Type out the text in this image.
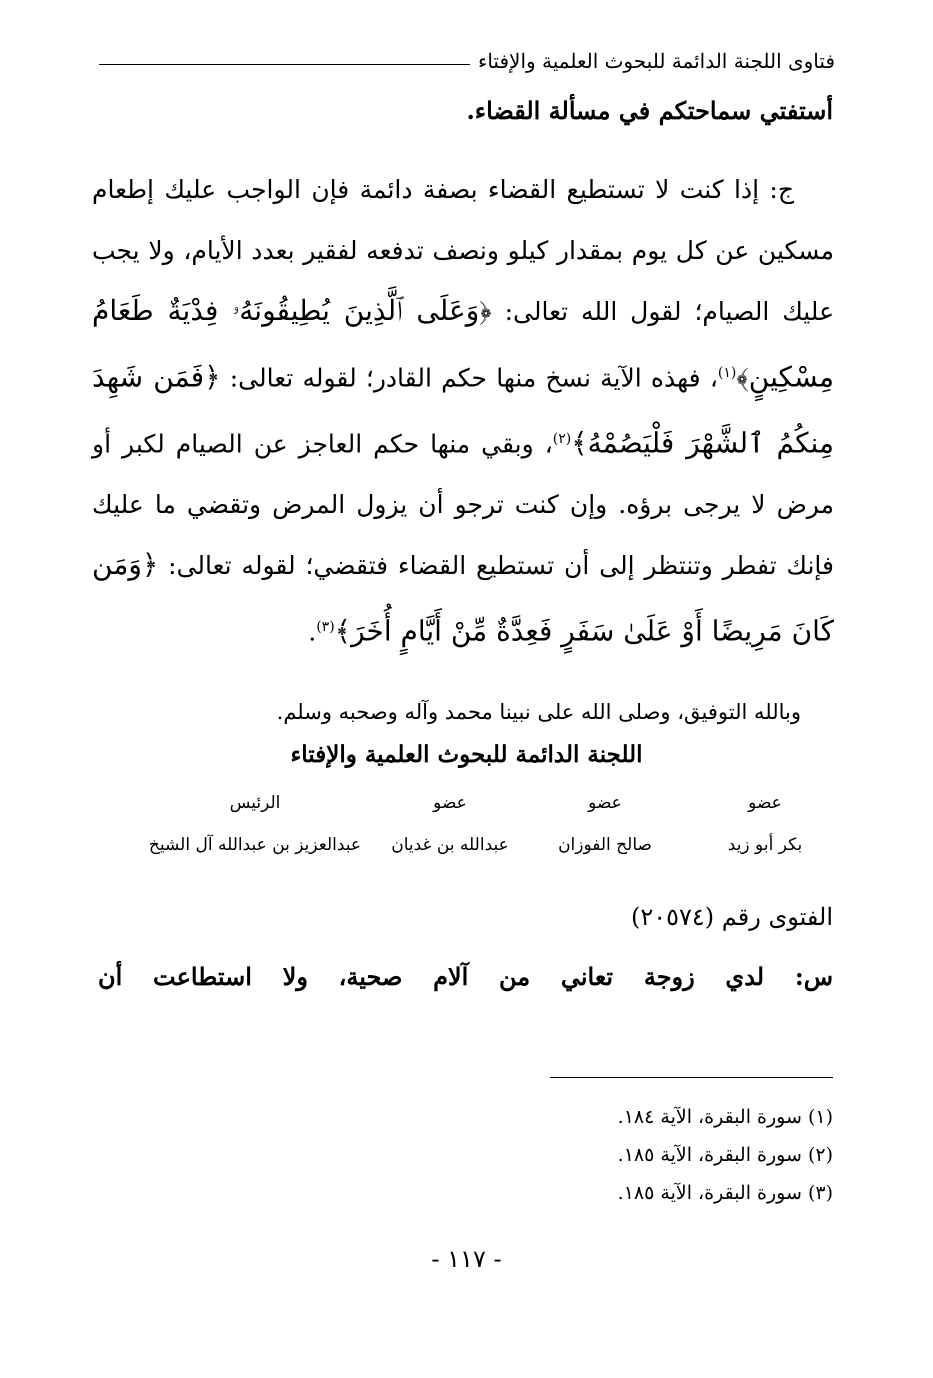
فتاوى اللجنة الدائمة للبحوث العلمية والإفتاء
أستفتي سماحتكم في مسألة القضاء.

ج: إذا كنت لا تستطيع القضاء بصفة دائمة فإن الواجب عليك إطعام مسكين عن كل يوم بمقدار كيلو ونصف تدفعه لفقير بعدد الأيام، ولا يجب عليك الصيام؛ لقول الله تعالى: ﴿وَعَلَى ٱلَّذِينَ يُطِيقُونَهُۥ فِدْيَةٌ طَعَامُ مِسْكِينٍ﴾$^{(١)}$، فهذه الآية نسخ منها حكم القادر؛ لقوله تعالى: ﴿فَمَن شَهِدَ مِنكُمُ ٱلشَّهْرَ فَلْيَصُمْهُ﴾$^{(٢)}$، وبقي منها حكم العاجز عن الصيام لكبر أو مرض لا يرجى برؤه. وإن كنت ترجو أن يزول المرض وتقضي ما عليك فإنك تفطر وتنتظر إلى أن تستطيع القضاء فتقضي؛ لقوله تعالى: ﴿وَمَن كَانَ مَرِيضًا أَوْ عَلَىٰ سَفَرٍ فَعِدَّةٌ مِّنْ أَيَّامٍ أُخَرَ﴾$^{(٣)}$.

وبالله التوفيق، وصلى الله على نبينا محمد وآله وصحبه وسلم.
اللجنة الدائمة للبحوث العلمية والإفتاء
عضو
بكر أبو زيد
عضو
صالح الفوزان
عضو
عبدالله بن غديان
الرئيس
عبدالعزيز بن عبدالله آل الشيخ
الفتوى رقم (٢٠٥٧٤)
س: لدي زوجة تعاني من آلام صحية، ولا استطاعت أن
(١) سورة البقرة، الآية ١٨٤.
(٢) سورة البقرة، الآية ١٨٥.
(٣) سورة البقرة، الآية ١٨٥.
- ١١٧ -
